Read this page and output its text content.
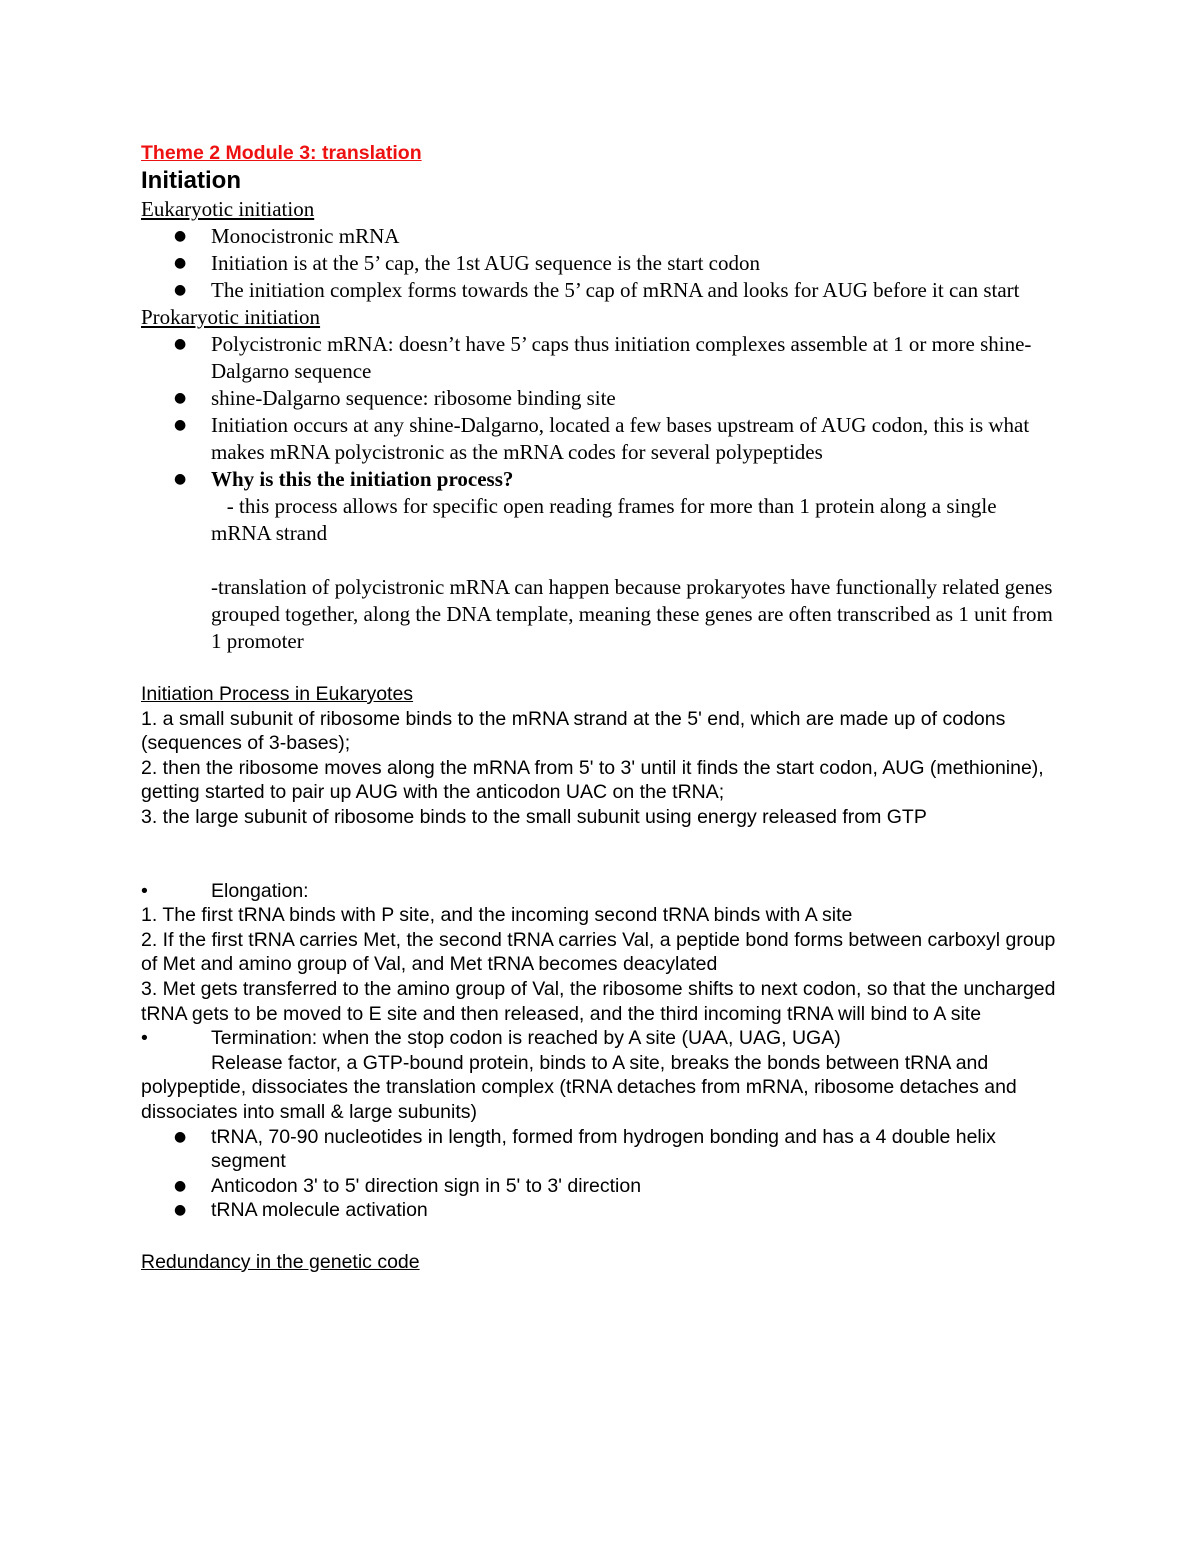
Theme 2 Module 3: translation
Initiation
Eukaryotic initiation
● Monocistronic mRNA
● Initiation is at the 5’ cap, the 1st AUG sequence is the start codon
● The initiation complex forms towards the 5’ cap of mRNA and looks for AUG before it can start
Prokaryotic initiation
● Polycistronic mRNA: doesn’t have 5’ caps thus initiation complexes assemble at 1 or more shine-Dalgarno sequence
● shine-Dalgarno sequence: ribosome binding site
● Initiation occurs at any shine-Dalgarno, located a few bases upstream of AUG codon, this is what makes mRNA polycistronic as the mRNA codes for several polypeptides
● Why is this the initiation process?
- this process allows for specific open reading frames for more than 1 protein along a single mRNA strand
-translation of polycistronic mRNA can happen because prokaryotes have functionally related genes grouped together, along the DNA template, meaning these genes are often transcribed as 1 unit from 1 promoter
Initiation Process in Eukaryotes
1. a small subunit of ribosome binds to the mRNA strand at the 5' end, which are made up of codons (sequences of 3-bases);
2. then the ribosome moves along the mRNA from 5' to 3' until it finds the start codon, AUG (methionine), getting started to pair up AUG with the anticodon UAC on the tRNA;
3. the large subunit of ribosome binds to the small subunit using energy released from GTP
•	Elongation:
1. The first tRNA binds with P site, and the incoming second tRNA binds with A site
2. If the first tRNA carries Met, the second tRNA carries Val, a peptide bond forms between carboxyl group of Met and amino group of Val, and Met tRNA becomes deacylated
3. Met gets transferred to the amino group of Val, the ribosome shifts to next codon, so that the uncharged tRNA gets to be moved to E site and then released, and the third incoming tRNA will bind to A site
•	Termination: when the stop codon is reached by A site (UAA, UAG, UGA)
Release factor, a GTP-bound protein, binds to A site, breaks the bonds between tRNA and polypeptide, dissociates the translation complex (tRNA detaches from mRNA, ribosome detaches and dissociates into small & large subunits)
● tRNA, 70-90 nucleotides in length, formed from hydrogen bonding and has a 4 double helix segment
● Anticodon 3' to 5' direction sign in 5' to 3' direction
● tRNA molecule activation
Redundancy in the genetic code
